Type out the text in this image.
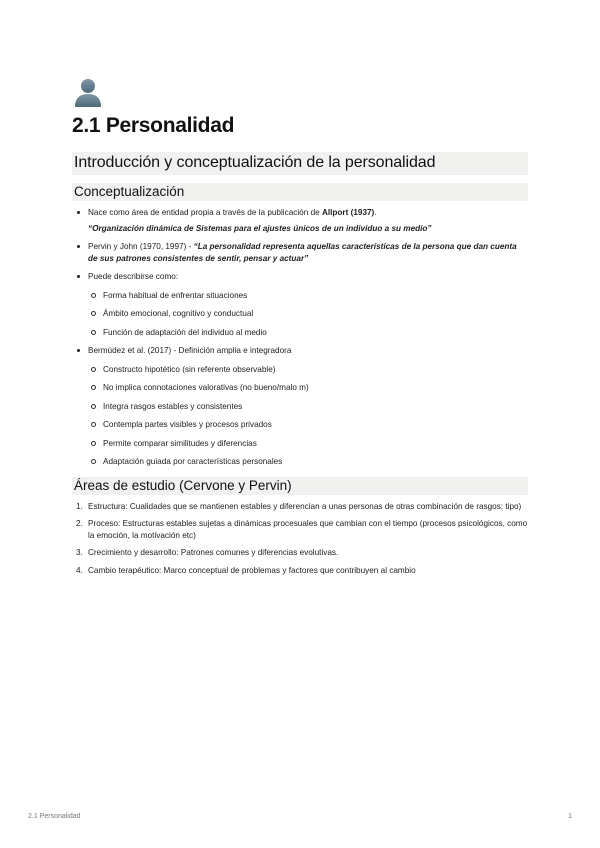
2.1 Personalidad
Introducción y conceptualización de la personalidad
Conceptualización
Nace como área de entidad propia a través de la publicación de Allport (1937).
“Organización dinámica de Sistemas para el ajustes únicos de un individuo a su medio”
Pervin y John (1970, 1997) - “La personalidad representa aquellas características de la persona que dan cuenta de sus patrones consistentes de sentir, pensar y actuar”
Puede describirse como:
Forma habitual de enfrentar situaciones
Ámbito emocional, cognitivo y conductual
Función de adaptación del individuo al medio
Bermúdez et al. (2017) - Definición amplia e integradora
Constructo hipotético (sin referente observable)
No implica connotaciones valorativas (no bueno/malo m)
Integra rasgos estables y consistentes
Contempla partes visibles y procesos privados
Permite comparar similitudes y diferencias
Adaptación guiada por características personales
Áreas de estudio (Cervone y Pervin)
1. Estructura: Cualidades que se mantienen estables y diferencian a unas personas de otras combinación de rasgos: tipo)
2. Proceso: Estructuras estables sujetas a dinámicas procesuales que cambian con el tiempo (procesos psicológicos, como la emoción, la motivación etc)
3. Crecimiento y desarrollo: Patrones comunes y diferencias evolutivas.
4. Cambio terapéutico: Marco conceptual de problemas y factores que contribuyen al cambio
2.1 Personalidad	1
